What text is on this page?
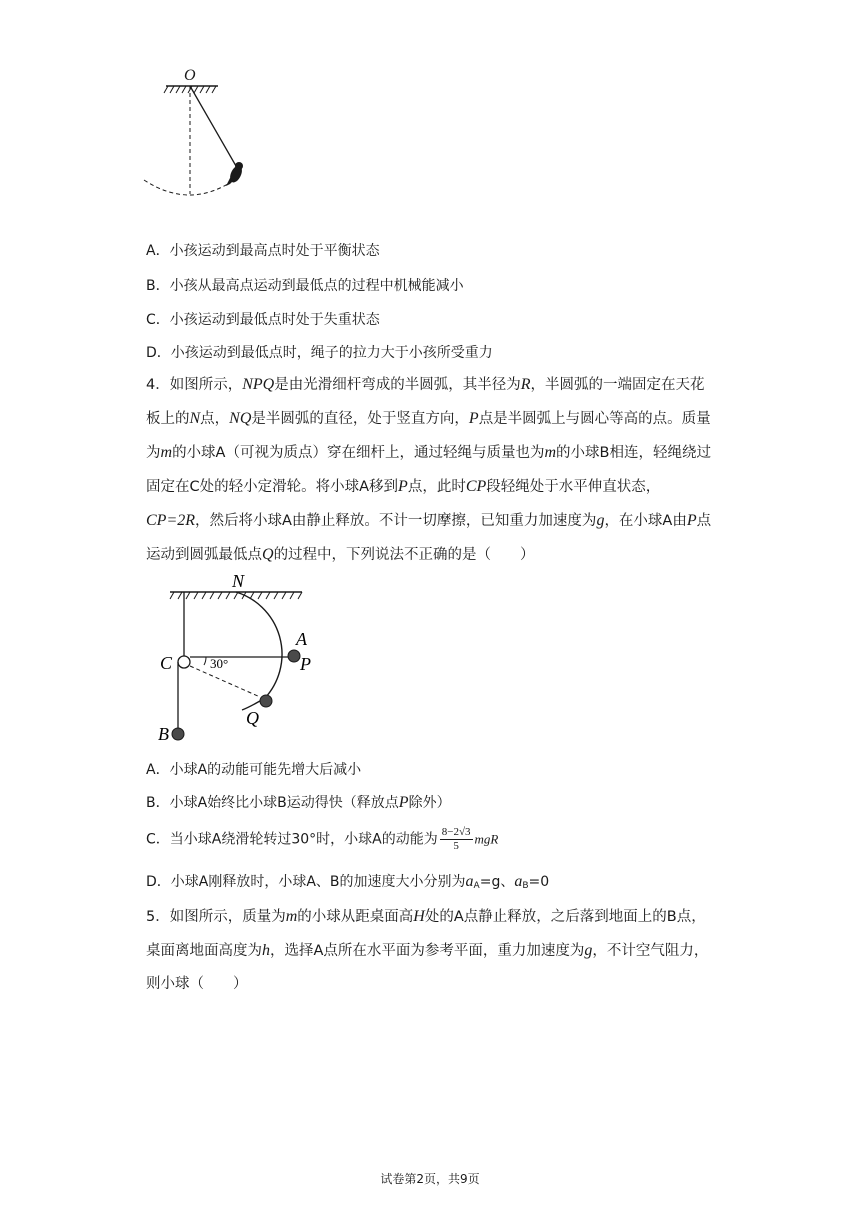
O
A．小孩运动到最高点时处于平衡状态
B．小孩从最高点运动到最低点的过程中机械能减小
C．小孩运动到最低点时处于失重状态
D．小孩运动到最低点时，绳子的拉力大于小孩所受重力
4．如图所示，NPQ是由光滑细杆弯成的半圆弧，其半径为R，半圆弧的一端固定在天花板上的N点，NQ是半圆弧的直径，处于竖直方向，P点是半圆弧上与圆心等高的点。质量为m的小球A（可视为质点）穿在细杆上，通过轻绳与质量也为m的小球B相连，轻绳绕过固定在C处的轻小定滑轮。将小球A移到P点，此时CP段轻绳处于水平伸直状态，CP=2R，然后将小球A由静止释放。不计一切摩擦，已知重力加速度为g，在小球A由P点运动到圆弧最低点Q的过程中，下列说法不正确的是（　　）
N
A
P
C	30°
Q
B
A．小球A的动能可能先增大后减小
B．小球A始终比小球B运动得快（释放点P除外）
C．当小球A绕滑轮转过30°时，小球A的动能为 $\frac{8-2√3}{5}$ mgR
D．小球A刚释放时，小球A、B的加速度大小分别为$a_A=g$、$a_B=0$
5．如图所示，质量为m的小球从距桌面高H处的A点静止释放，之后落到地面上的B点，桌面离地面高度为h，选择A点所在水平面为参考平面，重力加速度为g，不计空气阻力，则小球（　　）
试卷第2页，共9页
